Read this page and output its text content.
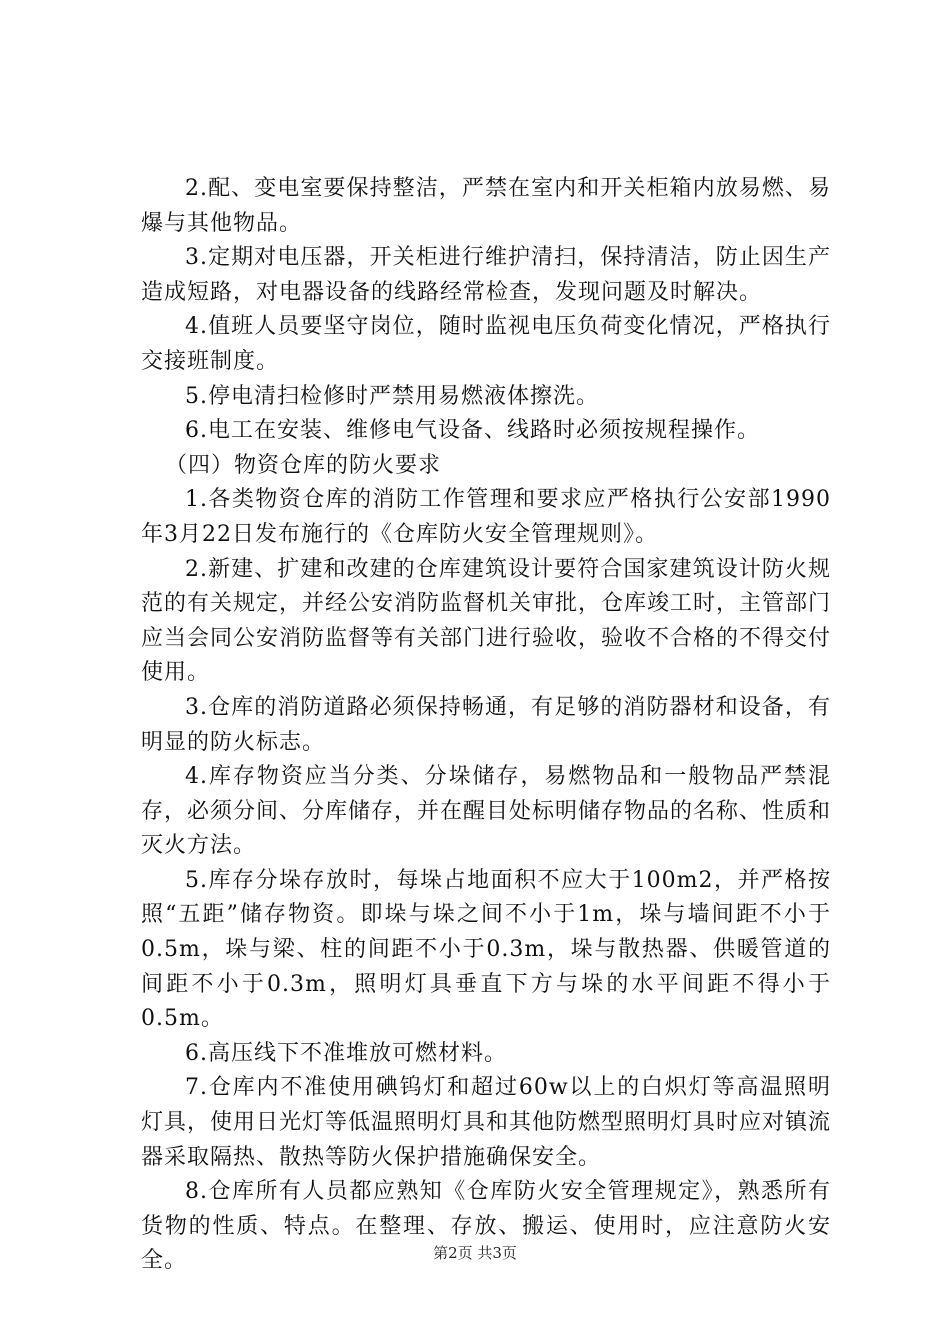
2.配、变电室要保持整洁，严禁在室内和开关柜箱内放易燃、易爆与其他物品。

3.定期对电压器，开关柜进行维护清扫，保持清洁，防止因生产造成短路，对电器设备的线路经常检查，发现问题及时解决。

4.值班人员要坚守岗位，随时监视电压负荷变化情况，严格执行交接班制度。

5.停电清扫检修时严禁用易燃液体擦洗。

6.电工在安装、维修电气设备、线路时必须按规程操作。

（四）物资仓库的防火要求

1.各类物资仓库的消防工作管理和要求应严格执行公安部1990年3月22日发布施行的《仓库防火安全管理规则》。

2.新建、扩建和改建的仓库建筑设计要符合国家建筑设计防火规范的有关规定，并经公安消防监督机关审批，仓库竣工时，主管部门应当会同公安消防监督等有关部门进行验收，验收不合格的不得交付使用。

3.仓库的消防道路必须保持畅通，有足够的消防器材和设备，有明显的防火标志。

4.库存物资应当分类、分垛储存，易燃物品和一般物品严禁混存，必须分间、分库储存，并在醒目处标明储存物品的名称、性质和灭火方法。

5.库存分垛存放时，每垛占地面积不应大于100m2，并严格按照“五距”储存物资。即垛与垛之间不小于1m，垛与墙间距不小于0.5m，垛与梁、柱的间距不小于0.3m，垛与散热器、供暖管道的间距不小于0.3m，照明灯具垂直下方与垛的水平间距不得小于0.5m。

6.高压线下不准堆放可燃材料。

7.仓库内不准使用碘钨灯和超过60w以上的白炽灯等高温照明灯具，使用日光灯等低温照明灯具和其他防燃型照明灯具时应对镇流器采取隔热、散热等防火保护措施确保安全。

8.仓库所有人员都应熟知《仓库防火安全管理规定》，熟悉所有货物的性质、特点。在整理、存放、搬运、使用时，应注意防火安全。	第2页 共3页
